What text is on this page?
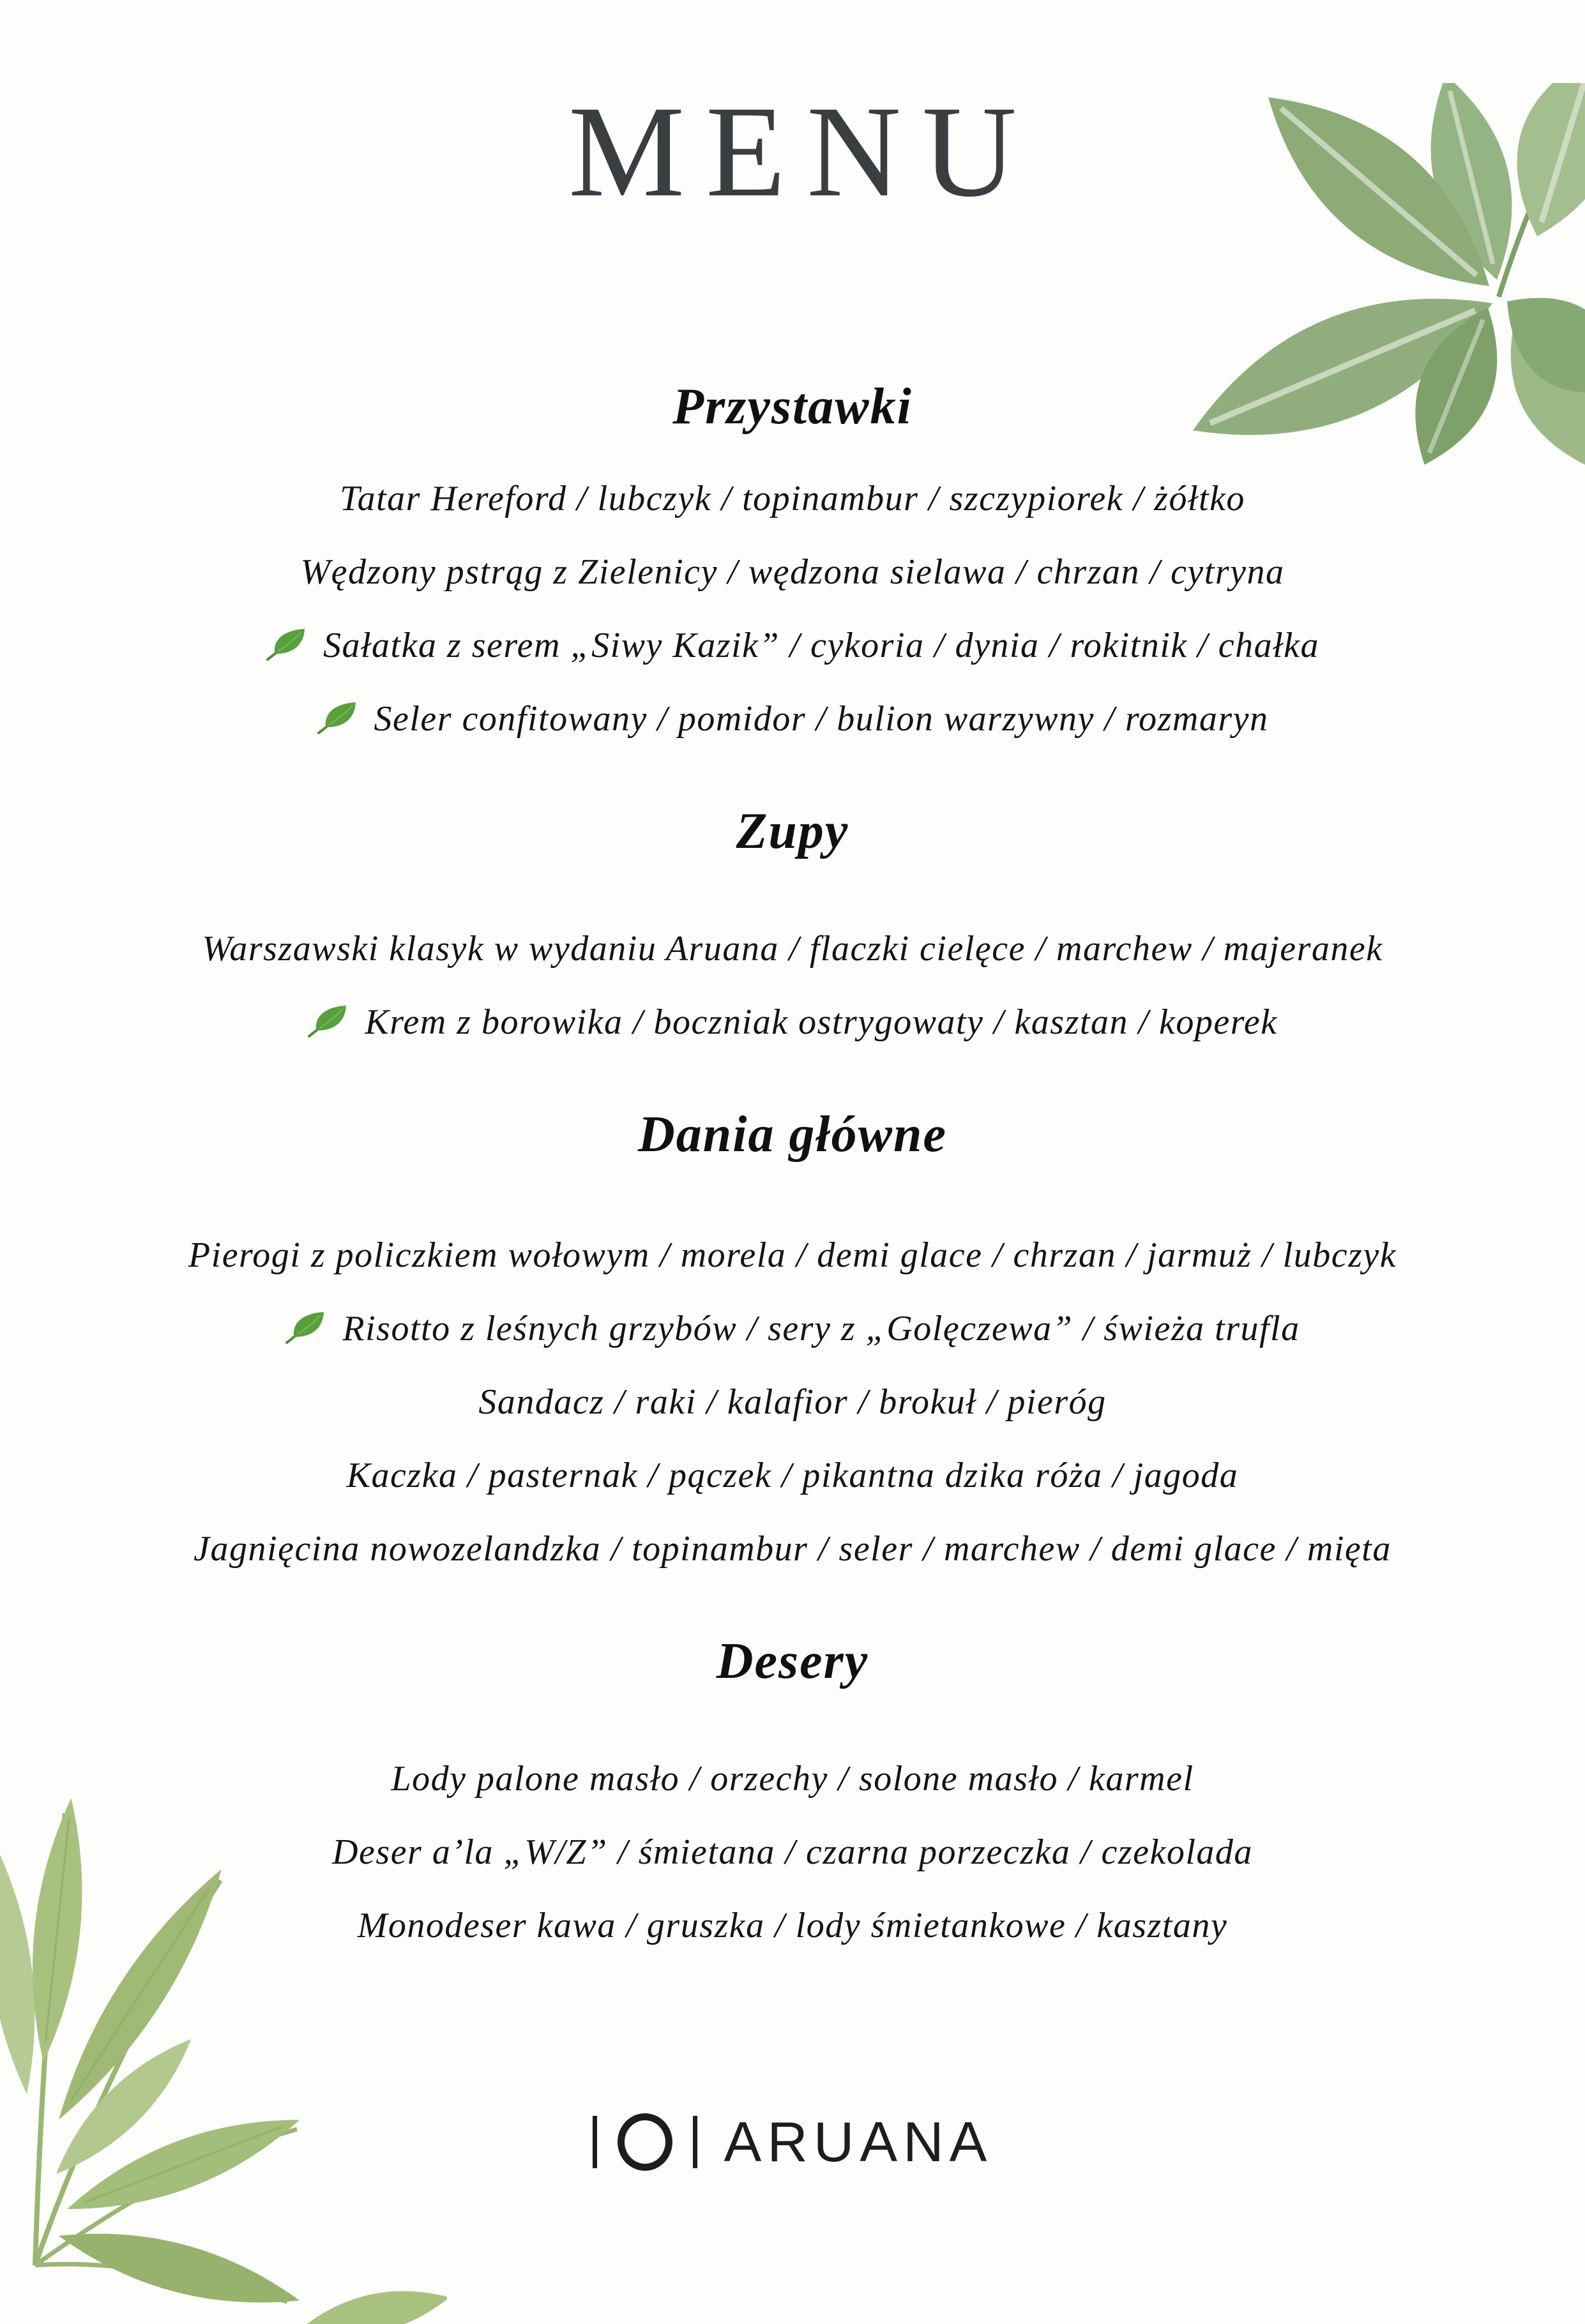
MENU
Przystawki
Tatar Hereford / lubczyk / topinambur / szczypiorek / żółtko
Wędzony pstrąg z Zielenicy / wędzona sielawa / chrzan / cytryna
Sałatka z serem „Siwy Kazik” / cykoria / dynia / rokitnik / chałka
Seler confitowany / pomidor / bulion warzywny / rozmaryn
Zupy
Warszawski klasyk w wydaniu Aruana / flaczki cielęce / marchew / majeranek
Krem z borowika / boczniak ostrygowaty / kasztan / koperek
Dania główne
Pierogi z policzkiem wołowym / morela / demi glace / chrzan / jarmuż / lubczyk
Risotto z leśnych grzybów / sery z „Golęczewa” / świeża trufla
Sandacz / raki / kalafior / brokuł / pieróg
Kaczka / pasternak / pączek / pikantna dzika róża / jagoda
Jagnięcina nowozelandzka / topinambur / seler / marchew / demi glace / mięta
Desery
Lody palone masło / orzechy / solone masło / karmel
Deser a’la „W/Z” / śmietana / czarna porzeczka / czekolada
Monodeser kawa / gruszka / lody śmietankowe / kasztany
ARUANA
